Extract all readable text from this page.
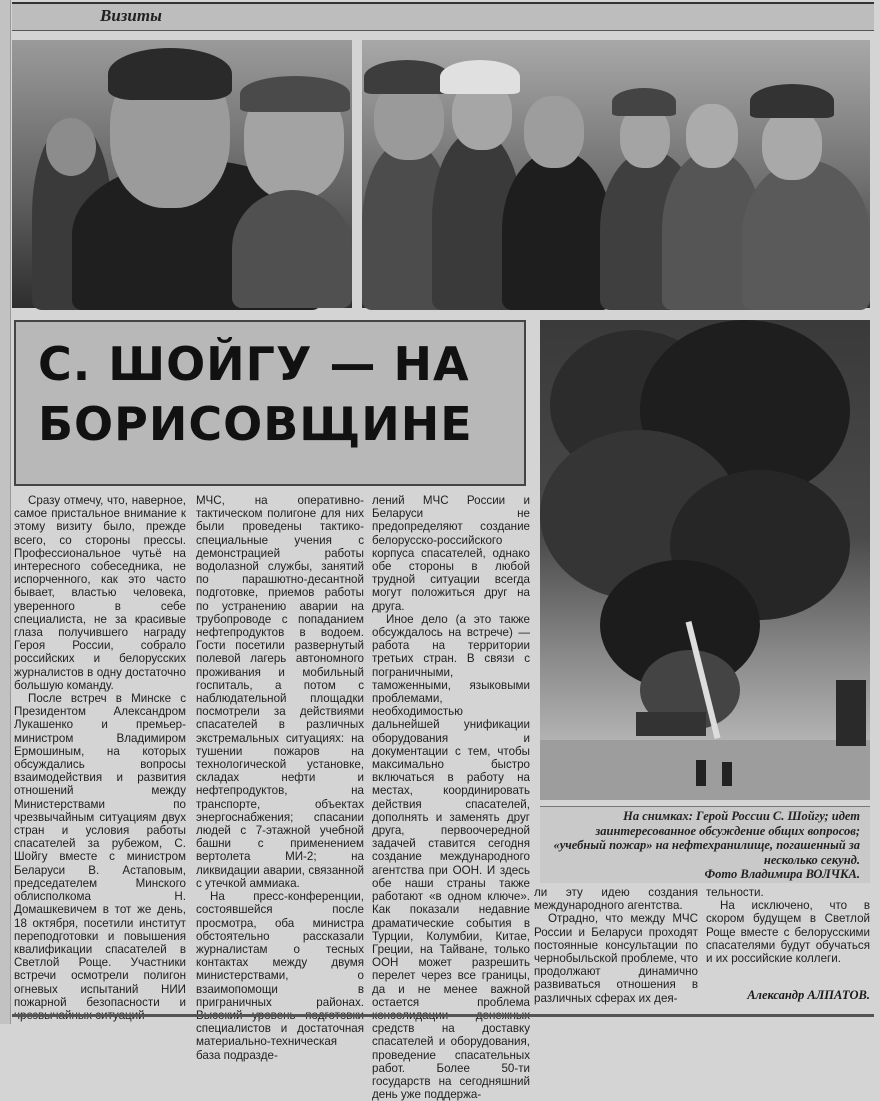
Визиты
С. ШОЙГУ — НА БОРИСОВЩИНЕ
На снимках: Герой России С. Шойгу; идет заинтересованное обсуждение общих вопросов; «учебный пожар» на нефтехранилище, погашенный за несколько секунд.
Фото Владимира ВОЛЧКА.

Сразу отмечу, что, наверное, самое пристальное внимание к этому визиту было, прежде всего, со стороны прессы. Профессиональное чутьё на интересного собеседника, не испорченного, как это часто бывает, властью человека, уверенного в себе специалиста, не за красивые глаза получившего награду Героя России, собрало российских и белорусских журналистов в одну достаточно большую команду.

После встреч в Минске с Президентом Александром Лукашенко и премьер-министром Владимиром Ермошиным, на которых обсуждались вопросы взаимодействия и развития отношений между Министерствами по чрезвычайным ситуациям двух стран и условия работы спасателей за рубежом, С. Шойгу вместе с министром Беларуси В. Астаповым, председателем Минского облисполкома Н. Домашкевичем в тот же день, 18 октября, посетили институт переподготовки и повышения квалификации спасателей в Светлой Роще. Участники встречи осмотрели полигон огневых испытаний НИИ пожарной безопасности и

МЧС, на оперативно-тактическом полигоне для них были проведены тактико-специальные учения с демонстрацией работы водолазной службы, занятий по парашютно-десантной подготовке, приемов работы по устранению аварии на трубопроводе с попаданием нефтепродуктов в водоем. Гости посетили развернутый полевой лагерь автономного проживания и мобильный госпиталь, а потом с наблюдательной площадки посмотрели за действиями спасателей в различных экстремальных ситуациях: на тушении пожаров на технологической установке, складах нефти и нефтепродуктов, на транспорте, объектах энергоснабжения; спасании людей с 7-этажной учебной башни с применением вертолета МИ-2; на ликвидации аварии, связанной с утечкой аммиака.

На пресс-конференции, состоявшейся после просмотра, оба министра обстоятельно рассказали журналистам о тесных контактах между двумя министерствами, о взаимопомощи в приграничных районах. специалистов и достаточная материально-техническая база подразде-

лений МЧС России и Беларуси не предопределяют создание белорусско-российского корпуса спасателей, однако обе стороны в любой трудной ситуации всегда могут положиться друг на друга.

Иное дело (а это также обсуждалось на встрече) — работа на территории третьих стран. В связи с пограничными, таможенными, языковыми проблемами, необходимостью дальнейшей унификации оборудования и документации с тем, чтобы максимально быстро включаться в работу на местах, координировать действия спасателей, дополнять и заменять друг друга, первоочередной задачей ставится сегодня создание международного агентства при ООН. И здесь обе наши страны также работают «в одном ключе». Как показали недавние драматические события в Турции, Колумбии, Китае, Греции, на Тайване, только ООН может разрешить перелет через все границы, да и не менее важной остается проблема средств на доставку спасателей и оборудования, проведение спасательных работ. Более 50-ти государств на сегодняшний день уже поддержа-

ли эту идею создания международного агентства.

Отрадно, что между МЧС России и Беларуси проходят постоянные консультации по чернобыльской проблеме, что продолжают динамично развиваться отношения в различных сферах их дея-

тельности.

На исключено, что в скором будущем в Светлой Роще вместе с белорусскими спасателями будут обучаться и их российские коллеги.

Александр АЛПАТОВ.
